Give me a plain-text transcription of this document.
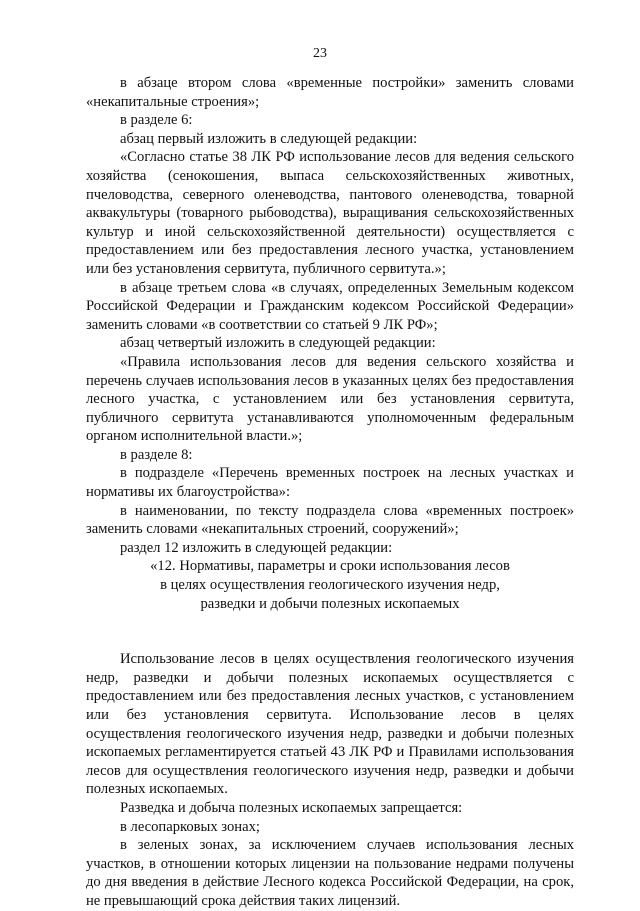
23

в абзаце втором слова «временные постройки» заменить словами «некапитальные строения»;

в разделе 6:

абзац первый изложить в следующей редакции:

«Согласно статье 38 ЛК РФ использование лесов для ведения сельского хозяйства (сенокошения, выпаса сельскохозяйственных животных, пчеловодства, северного оленеводства, пантового оленеводства, товарной аквакультуры (товарного рыбоводства), выращивания сельскохозяйственных культур и иной сельскохозяйственной деятельности) осуществляется с предоставлением или без предоставления лесного участка, установлением или без установления сервитута, публичного сервитута.»;

в абзаце третьем слова «в случаях, определенных Земельным кодексом Российской Федерации и Гражданским кодексом Российской Федерации» заменить словами «в соответствии со статьей 9 ЛК РФ»;

абзац четвертый изложить в следующей редакции:

«Правила использования лесов для ведения сельского хозяйства и перечень случаев использования лесов в указанных целях без предоставления лесного участка, с установлением или без установления сервитута, публичного сервитута устанавливаются уполномоченным федеральным органом исполнительной власти.»;

в разделе 8:

в подразделе «Перечень временных построек на лесных участках и нормативы их благоустройства»:

в наименовании, по тексту подраздела слова «временных построек» заменить словами «некапитальных строений, сооружений»;

раздел 12 изложить в следующей редакции:

«12. Нормативы, параметры и сроки использования лесов

в целях осуществления геологического изучения недр,

разведки и добычи полезных ископаемых

Использование лесов в целях осуществления геологического изучения недр, разведки и добычи полезных ископаемых осуществляется с предоставлением или без предоставления лесных участков, с установлением или без установления сервитута. Использование лесов в целях осуществления геологического изучения недр, разведки и добычи полезных ископаемых регламентируется статьей 43 ЛК РФ и Правилами использования лесов для осуществления геологического изучения недр, разведки и добычи полезных ископаемых.

Разведка и добыча полезных ископаемых запрещается:

в лесопарковых зонах;

в зеленых зонах, за исключением случаев использования лесных участков, в отношении которых лицензии на пользование недрами получены до дня введения в действие Лесного кодекса Российской Федерации, на срок, не превышающий срока действия таких лицензий.
